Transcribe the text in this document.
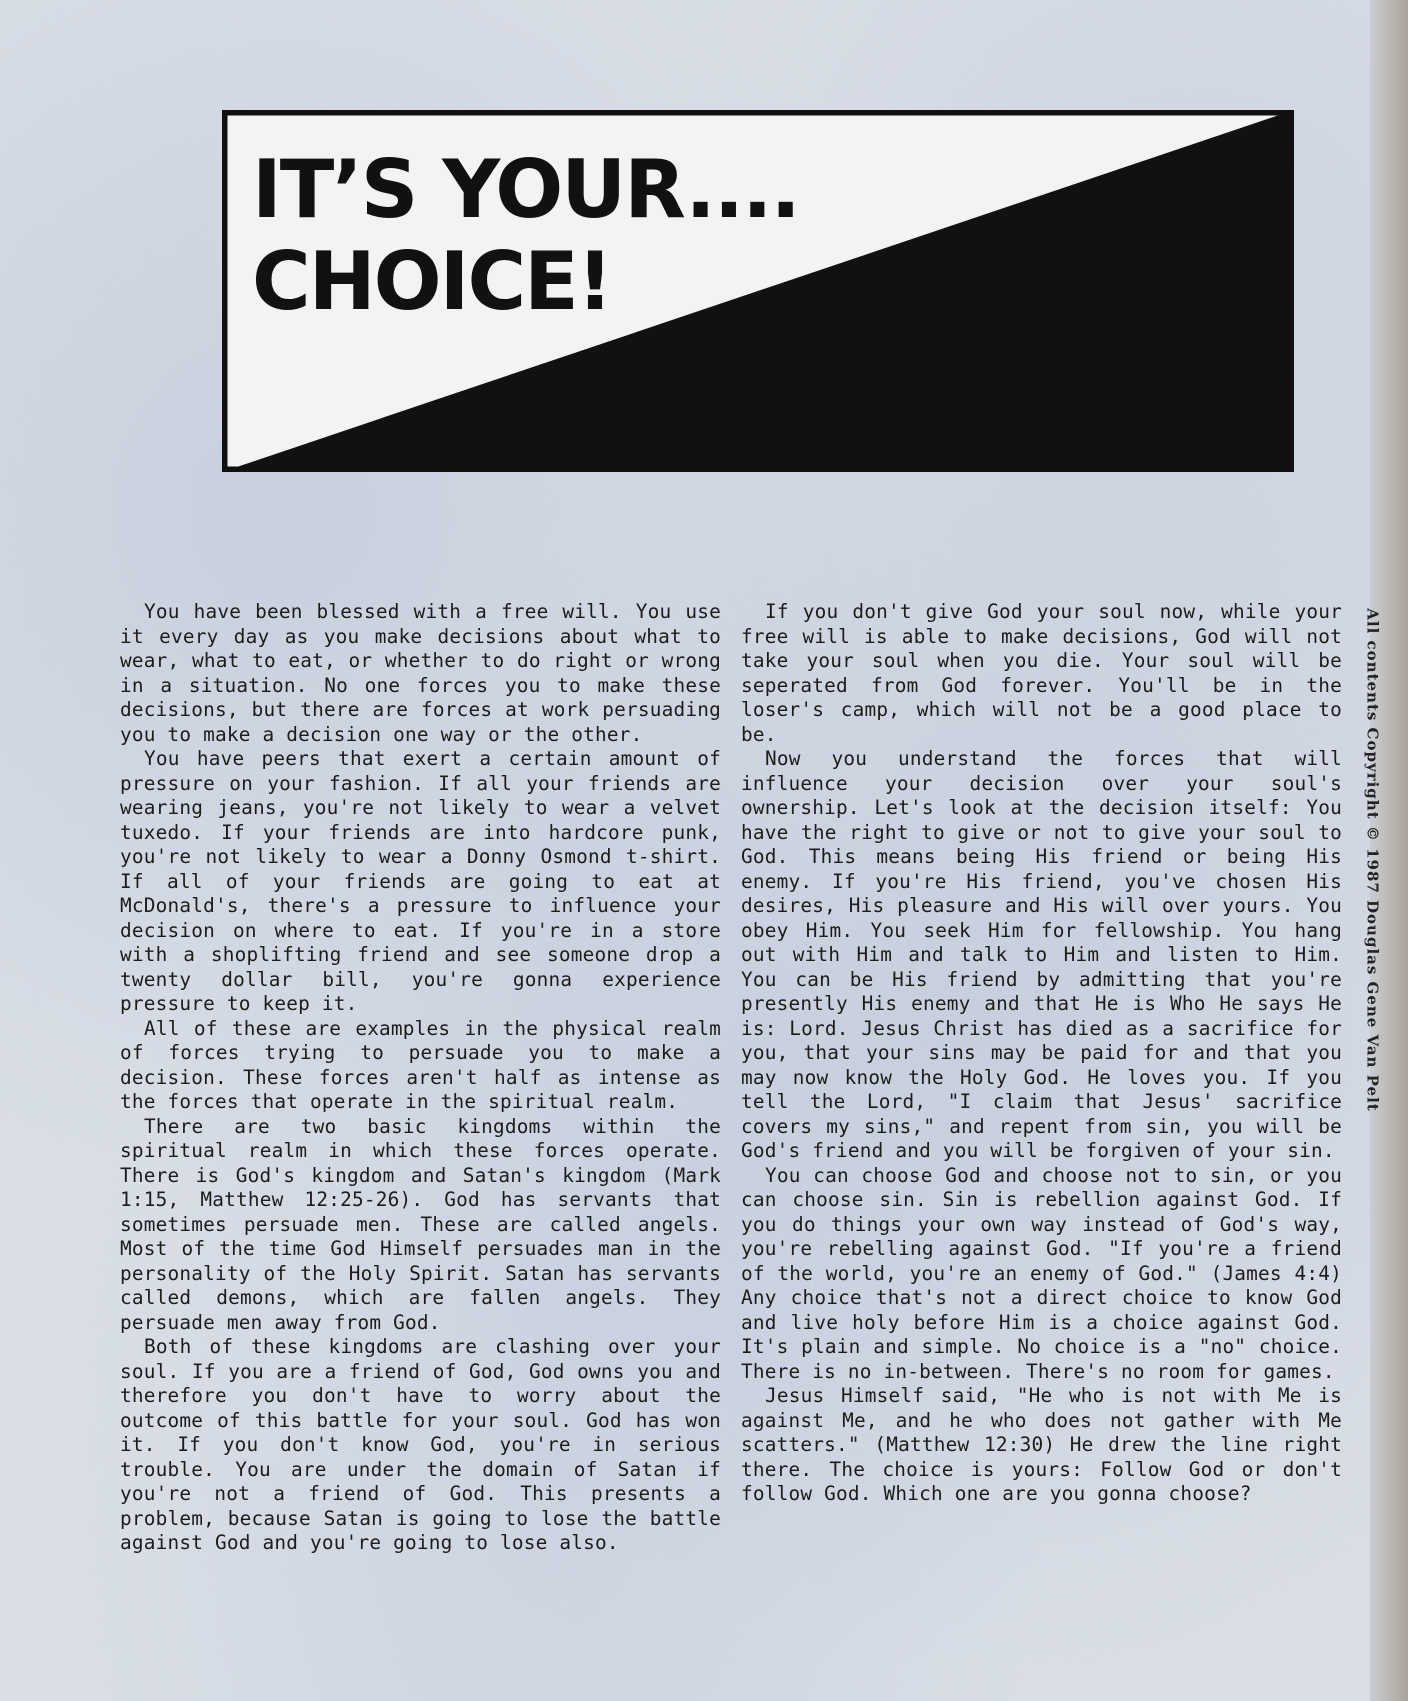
IT’S YOUR....
CHOICE!

You have been blessed with a free will. You use it every day as you make decisions about what to wear, what to eat, or whether to do right or wrong in a situation. No one forces you to make these decisions, but there are forces at work persuading you to make a decision one way or the other.

You have peers that exert a certain amount of pressure on your fashion. If all your friends are wearing jeans, you're not likely to wear a velvet tuxedo. If your friends are into hardcore punk, you're not likely to wear a Donny Osmond t-shirt. If all of your friends are going to eat at McDonald's, there's a pressure to influence your decision on where to eat. If you're in a store with a shoplifting friend and see someone drop a twenty dollar bill, you're gonna experience pressure to keep it.

All of these are examples in the physical realm of forces trying to persuade you to make a decision. These forces aren't half as intense as the forces that operate in the spiritual realm.

There are two basic kingdoms within the spiritual realm in which these forces operate. There is God's kingdom and Satan's kingdom (Mark 1:15, Matthew 12:25-26). God has servants that sometimes persuade men. These are called angels. Most of the time God Himself persuades man in the personality of the Holy Spirit. Satan has servants called demons, which are fallen angels. They persuade men away from God.

Both of these kingdoms are clashing over your soul. If you are a friend of God, God owns you and therefore you don't have to worry about the outcome of this battle for your soul. God has won it. If you don't know God, you're in serious trouble. You are under the domain of Satan if you're not a friend of God. This presents a problem, because Satan is going to lose the battle against God and you're going to lose also.

If you don't give God your soul now, while your free will is able to make decisions, God will not take your soul when you die. Your soul will be seperated from God forever. You'll be in the loser's camp, which will not be a good place to be.

Now you understand the forces that will influence your decision over your soul's ownership. Let's look at the decision itself: You have the right to give or not to give your soul to God. This means being His friend or being His enemy. If you're His friend, you've chosen His desires, His pleasure and His will over yours. You obey Him. You seek Him for fellowship. You hang out with Him and talk to Him and listen to Him. You can be His friend by admitting that you're presently His enemy and that He is Who He says He is: Lord. Jesus Christ has died as a sacrifice for you, that your sins may be paid for and that you may now know the Holy God. He loves you. If you tell the Lord, "I claim that Jesus' sacrifice covers my sins," and repent from sin, you will be God's friend and you will be forgiven of your sin.

You can choose God and choose not to sin, or you can choose sin. Sin is rebellion against God. If you do things your own way instead of God's way, you're rebelling against God. "If you're a friend of the world, you're an enemy of God." (James 4:4) Any choice that's not a direct choice to know God and live holy before Him is a choice against God. It's plain and simple. No choice is a "no" choice. There is no in-between. There's no room for games.

Jesus Himself said, "He who is not with Me is against Me, and he who does not gather with Me scatters." (Matthew 12:30) He drew the line right there. The choice is yours: Follow God or don't follow God. Which one are you gonna choose?

All contents Copyright © 1987 Douglas Gene Van Pelt
